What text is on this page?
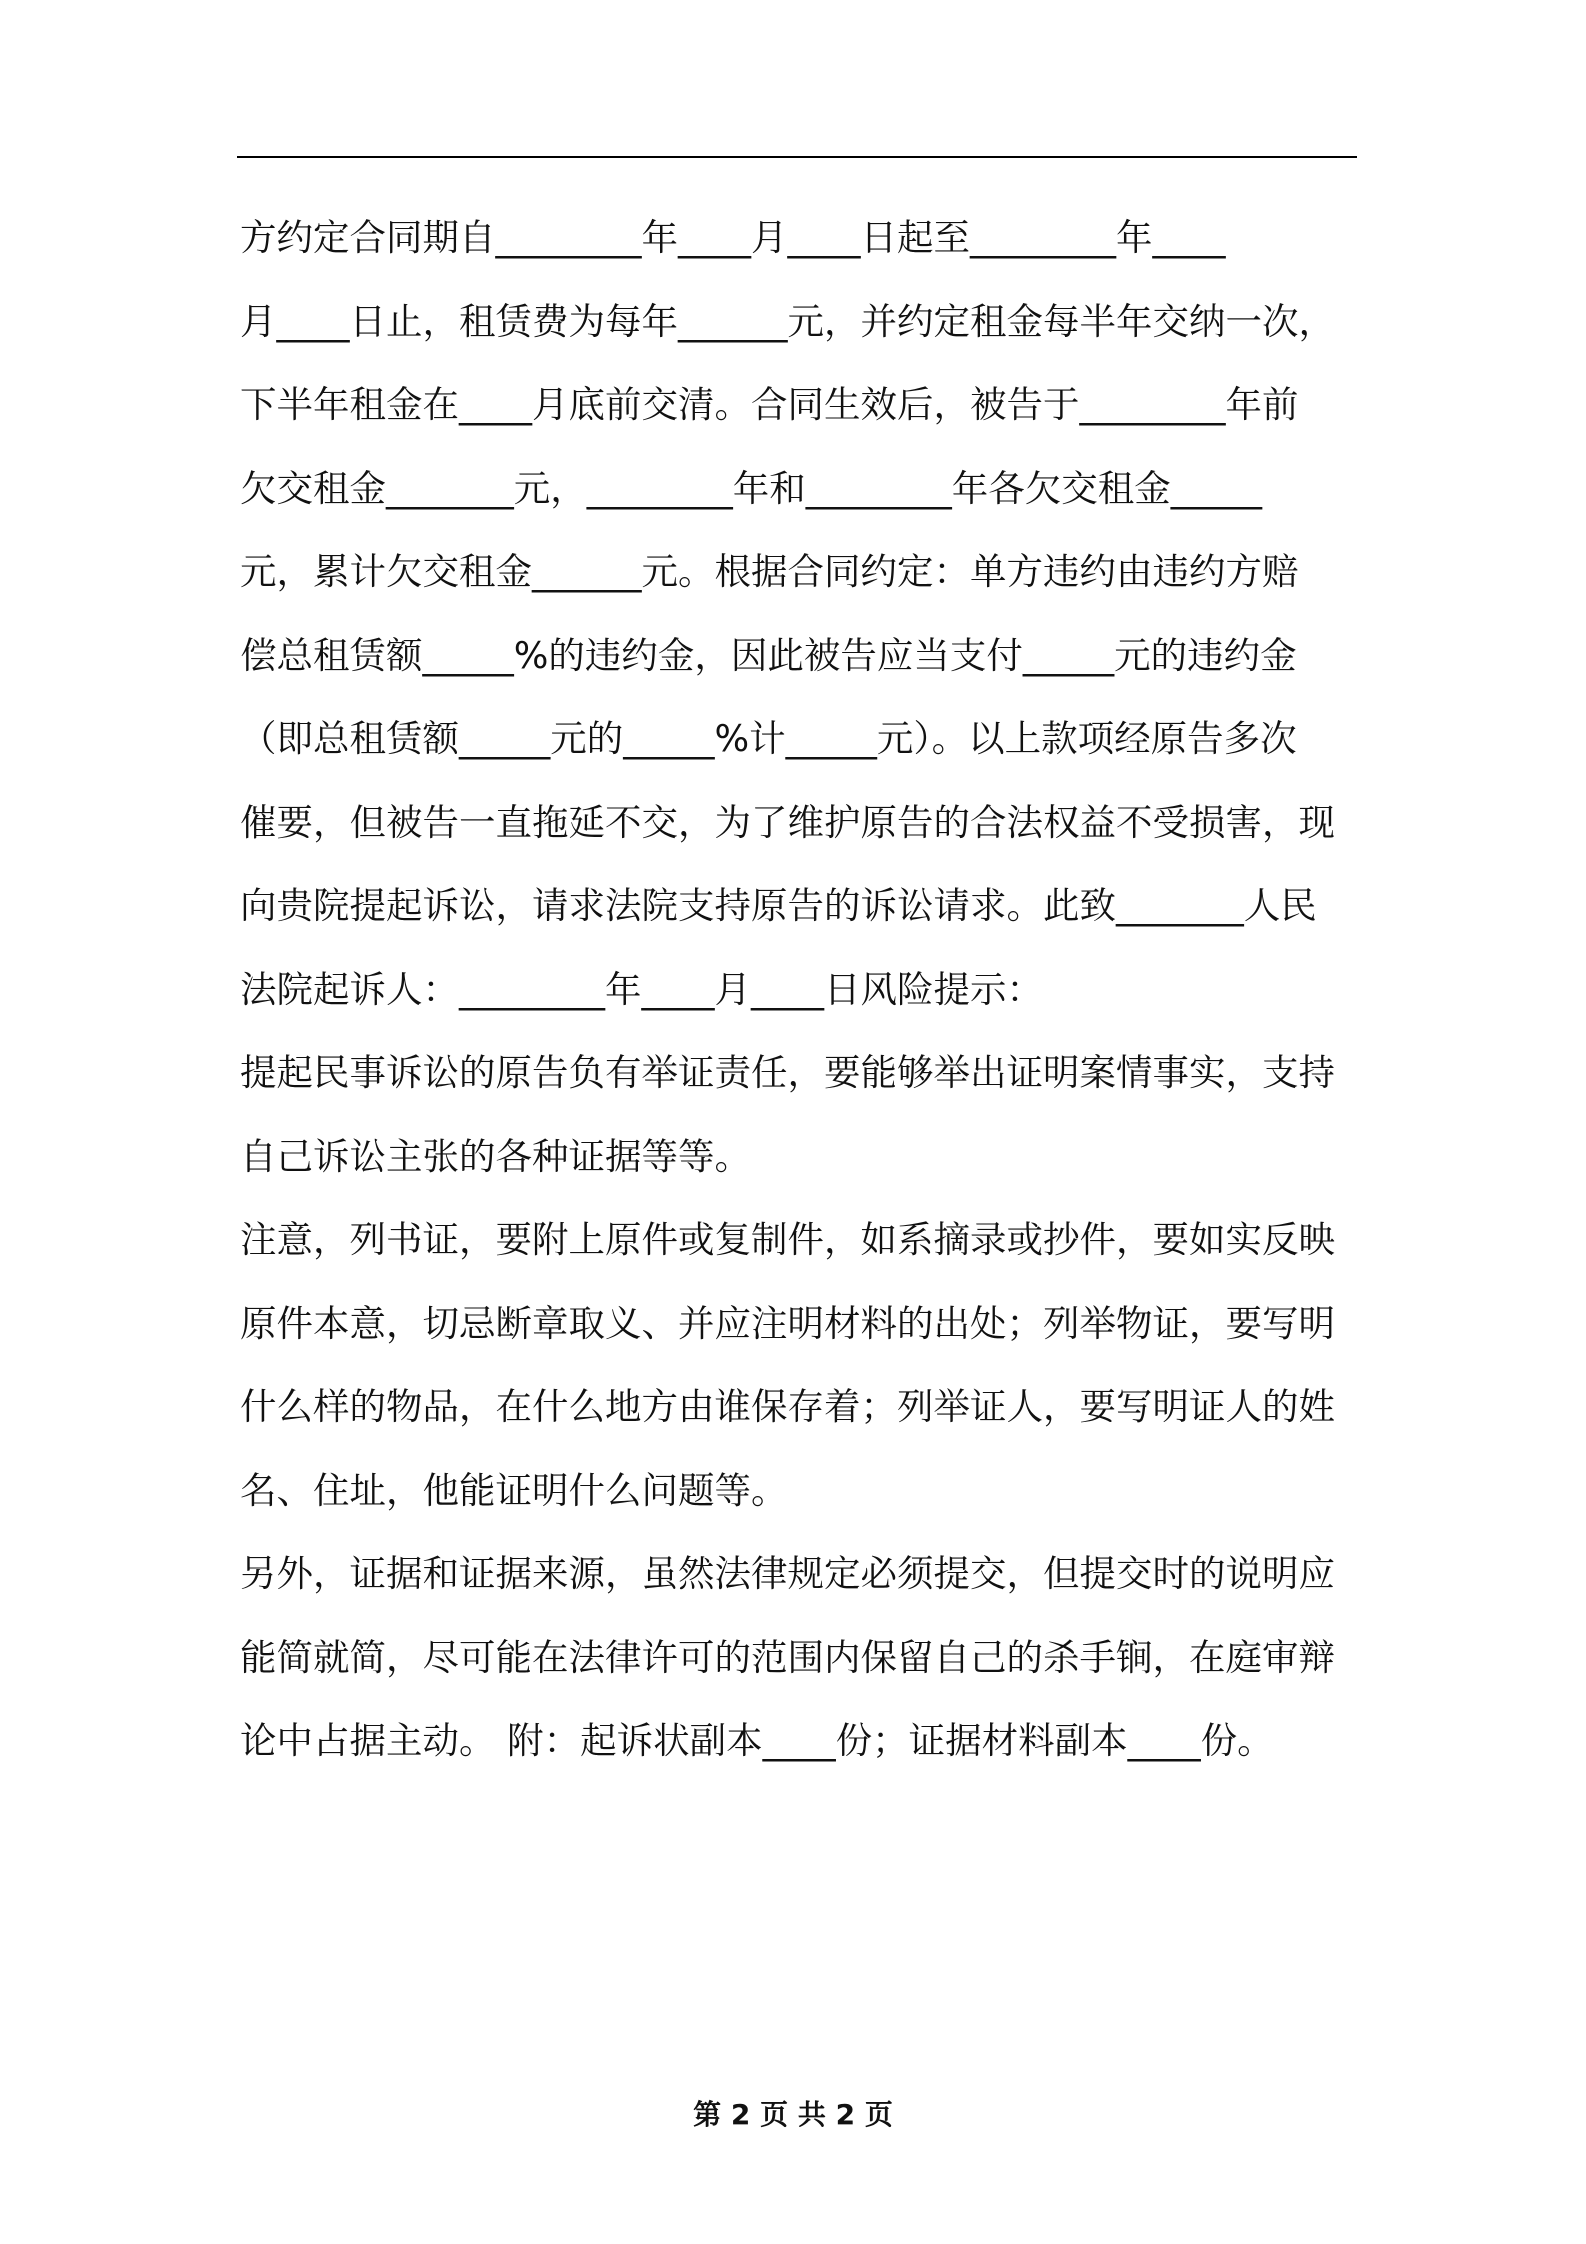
方约定合同期自________年____月____日起至________年____
月____日止，租赁费为每年______元，并约定租金每半年交纳一次，
下半年租金在____月底前交清。合同生效后，被告于________年前
欠交租金_______元，________年和________年各欠交租金_____
元，累计欠交租金______元。根据合同约定：单方违约由违约方赔
偿总租赁额_____%的违约金，因此被告应当支付_____元的违约金
（即总租赁额_____元的_____%计_____元）。以上款项经原告多次
催要，但被告一直拖延不交，为了维护原告的合法权益不受损害，现
向贵院提起诉讼，请求法院支持原告的诉讼请求。此致_______人民
法院起诉人：________年____月____日风险提示：
提起民事诉讼的原告负有举证责任，要能够举出证明案情事实，支持
自己诉讼主张的各种证据等等。
注意，列书证，要附上原件或复制件，如系摘录或抄件，要如实反映
原件本意，切忌断章取义、并应注明材料的出处；列举物证，要写明
什么样的物品，在什么地方由谁保存着；列举证人，要写明证人的姓
名、住址，他能证明什么问题等。
另外，证据和证据来源，虽然法律规定必须提交，但提交时的说明应
能简就简，尽可能在法律许可的范围内保留自己的杀手锏，在庭审辩
论中占据主动。 附：起诉状副本____份；证据材料副本____份。
第 2 页 共 2 页
